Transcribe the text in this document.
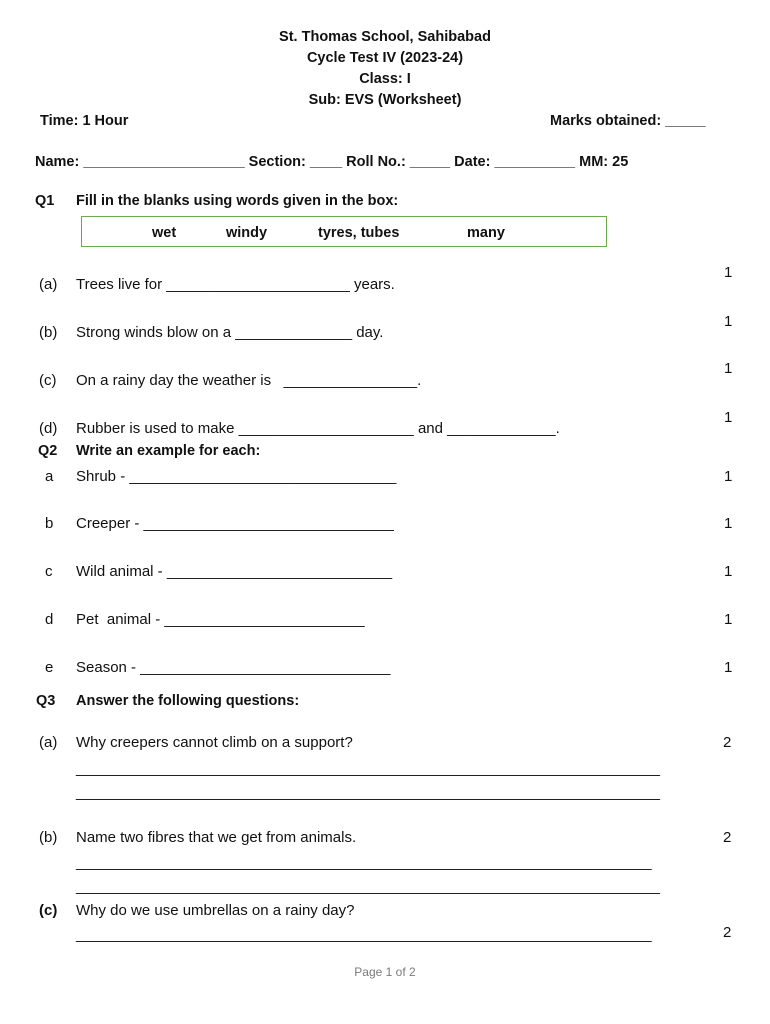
St. Thomas School, Sahibabad
Cycle Test IV (2023-24)
Class: I
Sub: EVS (Worksheet)
Time: 1 Hour	Marks obtained: _____
Name: ____________________ Section: ____ Roll No.: _____ Date: __________ MM: 25
Q1 Fill in the blanks using words given in the box:
wet	windy	tyres, tubes	many
(a) Trees live for ______________________ years.
1
(b) Strong winds blow on a ______________ day.
1
(c) On a rainy day the weather is   ________________.
1
(d) Rubber is used to make _____________________ and _____________.
1
Q2 Write an example for each:
a Shrub - ________________________________	1
b Creeper - ______________________________	1
c Wild animal - ___________________________	1
d Pet  animal - ________________________	1
e Season - ______________________________	1
Q3 Answer the following questions:
(a) Why creepers cannot climb on a support?	2
______________________________________________________________________
______________________________________________________________________
(b) Name two fibres that we get from animals.	2
_____________________________________________________________________
______________________________________________________________________
(c) Why do we use umbrellas on a rainy day?
2
_____________________________________________________________________
Page 1 of 2
